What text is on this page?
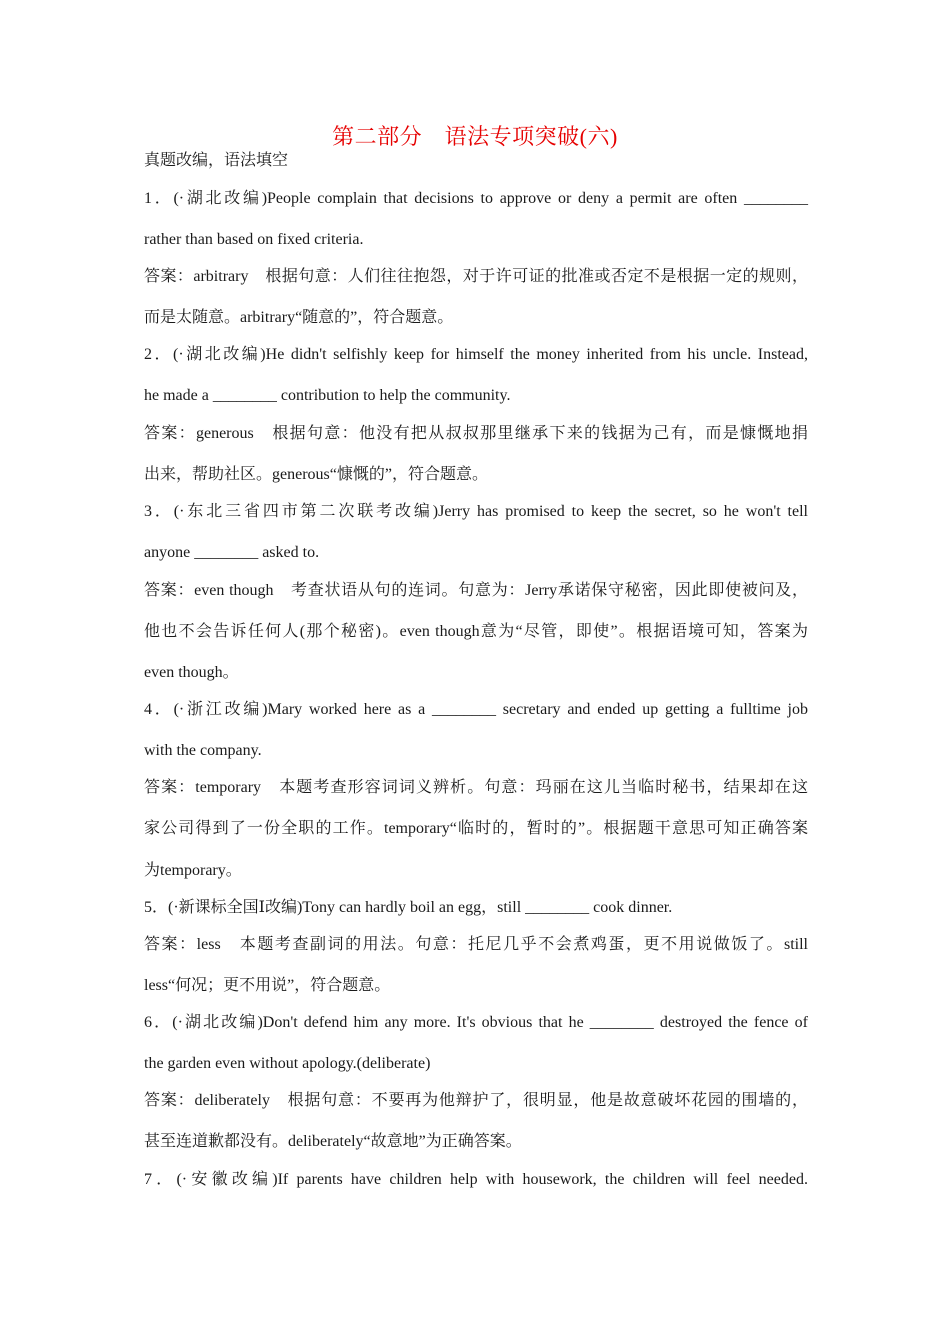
第二部分　语法专项突破(六)
真题改编，语法填空
1．(·湖北改编)People complain that decisions to approve or deny a permit are often ________
rather than based on fixed criteria.
答案：arbitrary　根据句意：人们往往抱怨，对于许可证的批准或否定不是根据一定的规则，
而是太随意。arbitrary“随意的”，符合题意。
2．(·湖北改编)He didn't selfishly keep for himself the money inherited from his uncle. Instead,
he made a ________ contribution to help the community.
答案：generous　根据句意：他没有把从叔叔那里继承下来的钱据为己有，而是慷慨地捐
出来，帮助社区。generous“慷慨的”，符合题意。
3．(·东北三省四市第二次联考改编)Jerry has promised to keep the secret, so he won't tell
anyone ________ asked to.
答案：even though　考查状语从句的连词。句意为：Jerry承诺保守秘密，因此即使被问及，
他也不会告诉任何人(那个秘密)。even though意为“尽管，即使”。根据语境可知，答案为
even though。
4．(·浙江改编)Mary worked here as a ________ secretary and ended up getting a fulltime job
with the company.
答案：temporary　本题考查形容词词义辨析。句意：玛丽在这儿当临时秘书，结果却在这
家公司得到了一份全职的工作。temporary“临时的，暂时的”。根据题干意思可知正确答案
为temporary。
5．(·新课标全国Ⅰ改编)Tony can hardly boil an egg，still ________ cook dinner.
答案：less　本题考查副词的用法。句意：托尼几乎不会煮鸡蛋，更不用说做饭了。still
less“何况；更不用说”，符合题意。
6．(·湖北改编)Don't defend him any more. It's obvious that he ________ destroyed the fence of
the garden even without apology.(deliberate)
答案：deliberately　根据句意：不要再为他辩护了，很明显，他是故意破坏花园的围墙的，
甚至连道歉都没有。deliberately“故意地”为正确答案。
7．(·安徽改编)If parents have children help with housework, the children will feel needed.
